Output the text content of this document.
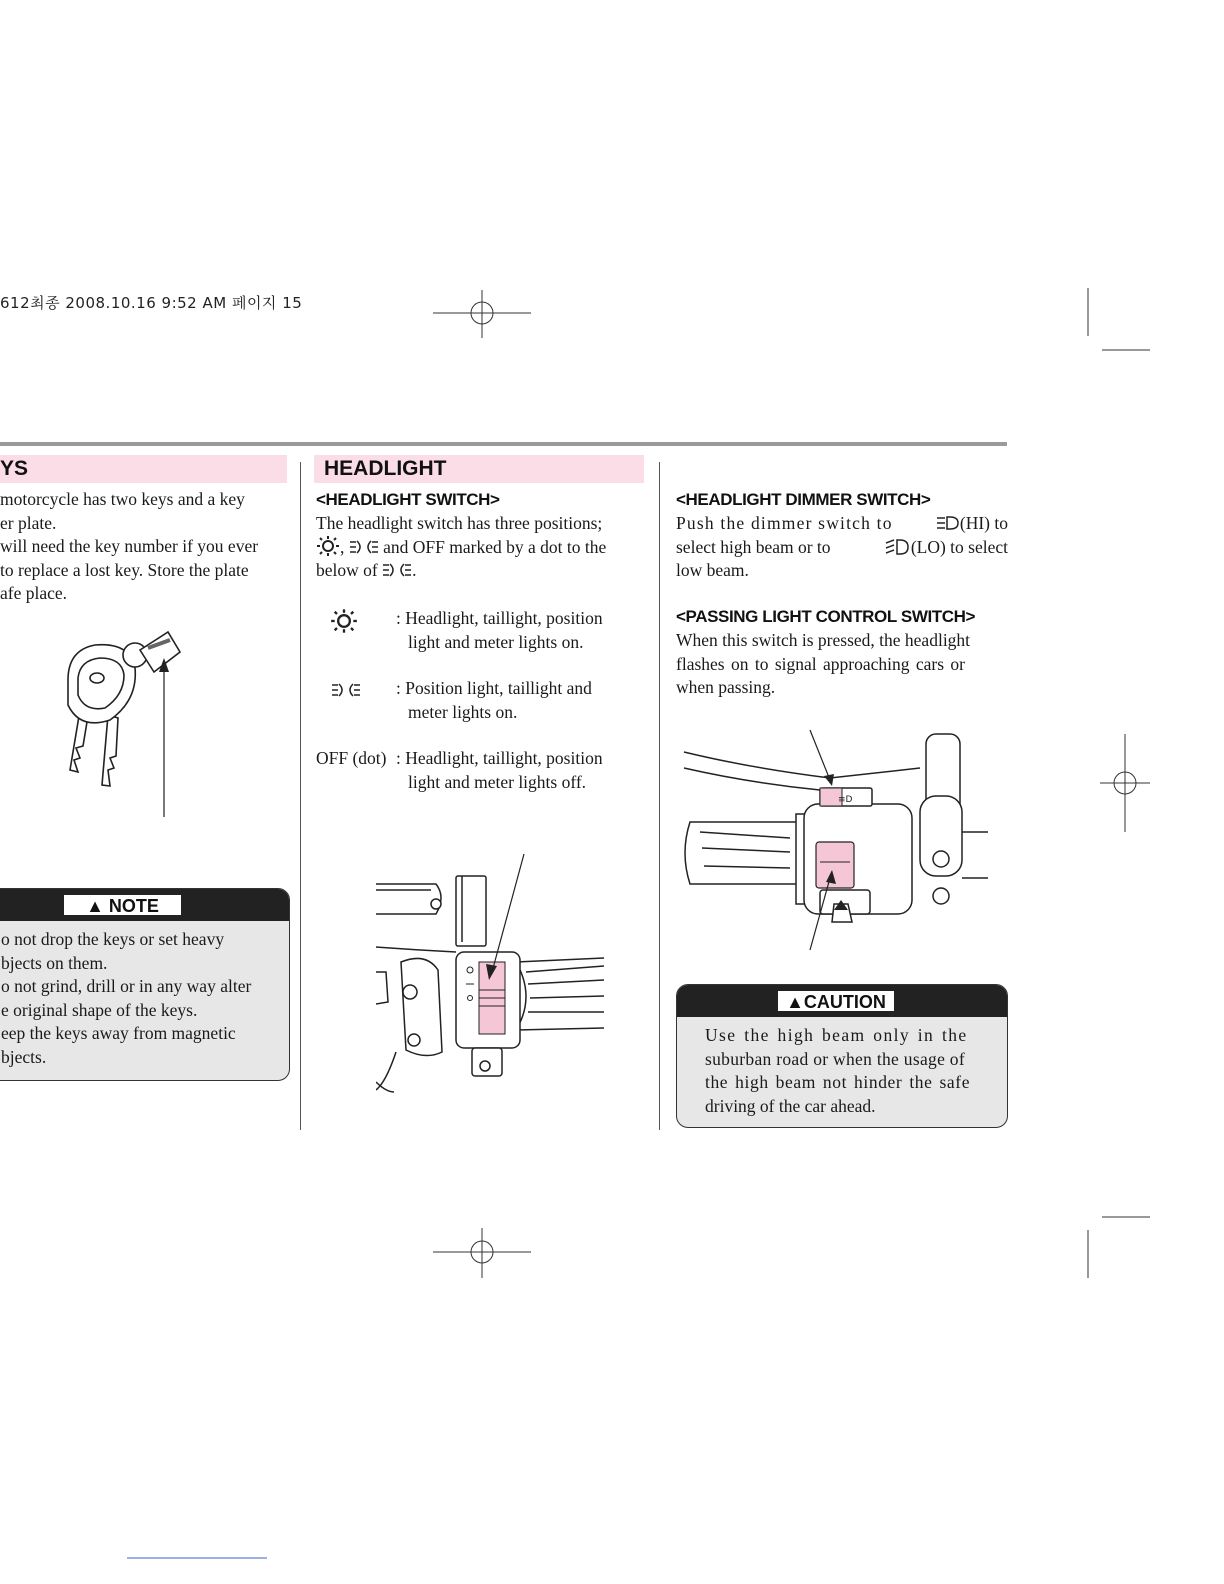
612최종 2008.10.16 9:52 AM 페이지 15
YS
motorcycle has two keys and a key
er plate.
will need the key number if you ever
to replace a lost key. Store the plate
afe place.
▲ NOTE
o not drop the keys or set heavy
bjects on them.
o not grind, drill or in any way alter
e original shape of the keys.
eep the keys away from magnetic
bjects.
HEADLIGHT
<HEADLIGHT SWITCH>
The headlight switch has three positions;
,  and OFF marked by a dot to the
below of .
: Headlight, taillight, position
light and meter lights on.
: Position light, taillight and
meter lights on.
OFF (dot) : Headlight, taillight, position
light and meter lights off.
<HEADLIGHT DIMMER SWITCH>
Push the dimmer switch to	(HI) to
select high beam or to	(LO) to select
low beam.
<PASSING LIGHT CONTROL SWITCH>
When this switch is pressed, the headlight
flashes on to signal approaching cars or
when passing.
≡D
▲CAUTION
Use the high beam only in the
suburban road or when the usage of
the high beam not hinder the safe
driving of the car ahead.
